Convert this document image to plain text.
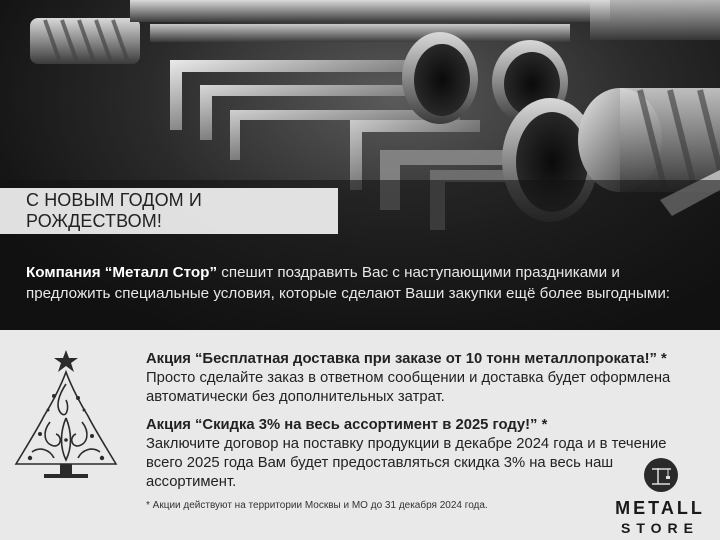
С НОВЫМ ГОДОМ И РОЖДЕСТВОМ!
Компания “Металл Стор” спешит поздравить Вас с наступающими праздниками и предложить специальные условия, которые сделают Ваши закупки ещё более выгодными:
Акция “Бесплатная доставка при заказе от 10 тонн металлопроката!” *
Просто сделайте заказ в ответном сообщении и доставка будет оформлена автоматически без дополнительных затрат.
Акция “Скидка 3% на весь ассортимент в 2025 году!” *
Заключите договор на поставку продукции в декабре 2024 года и в течение всего 2025 года Вам будет предоставляться скидка 3% на весь наш ассортимент.
* Акции действуют на территории Москвы и МО до 31 декабря 2024 года.	METALL
STORE
